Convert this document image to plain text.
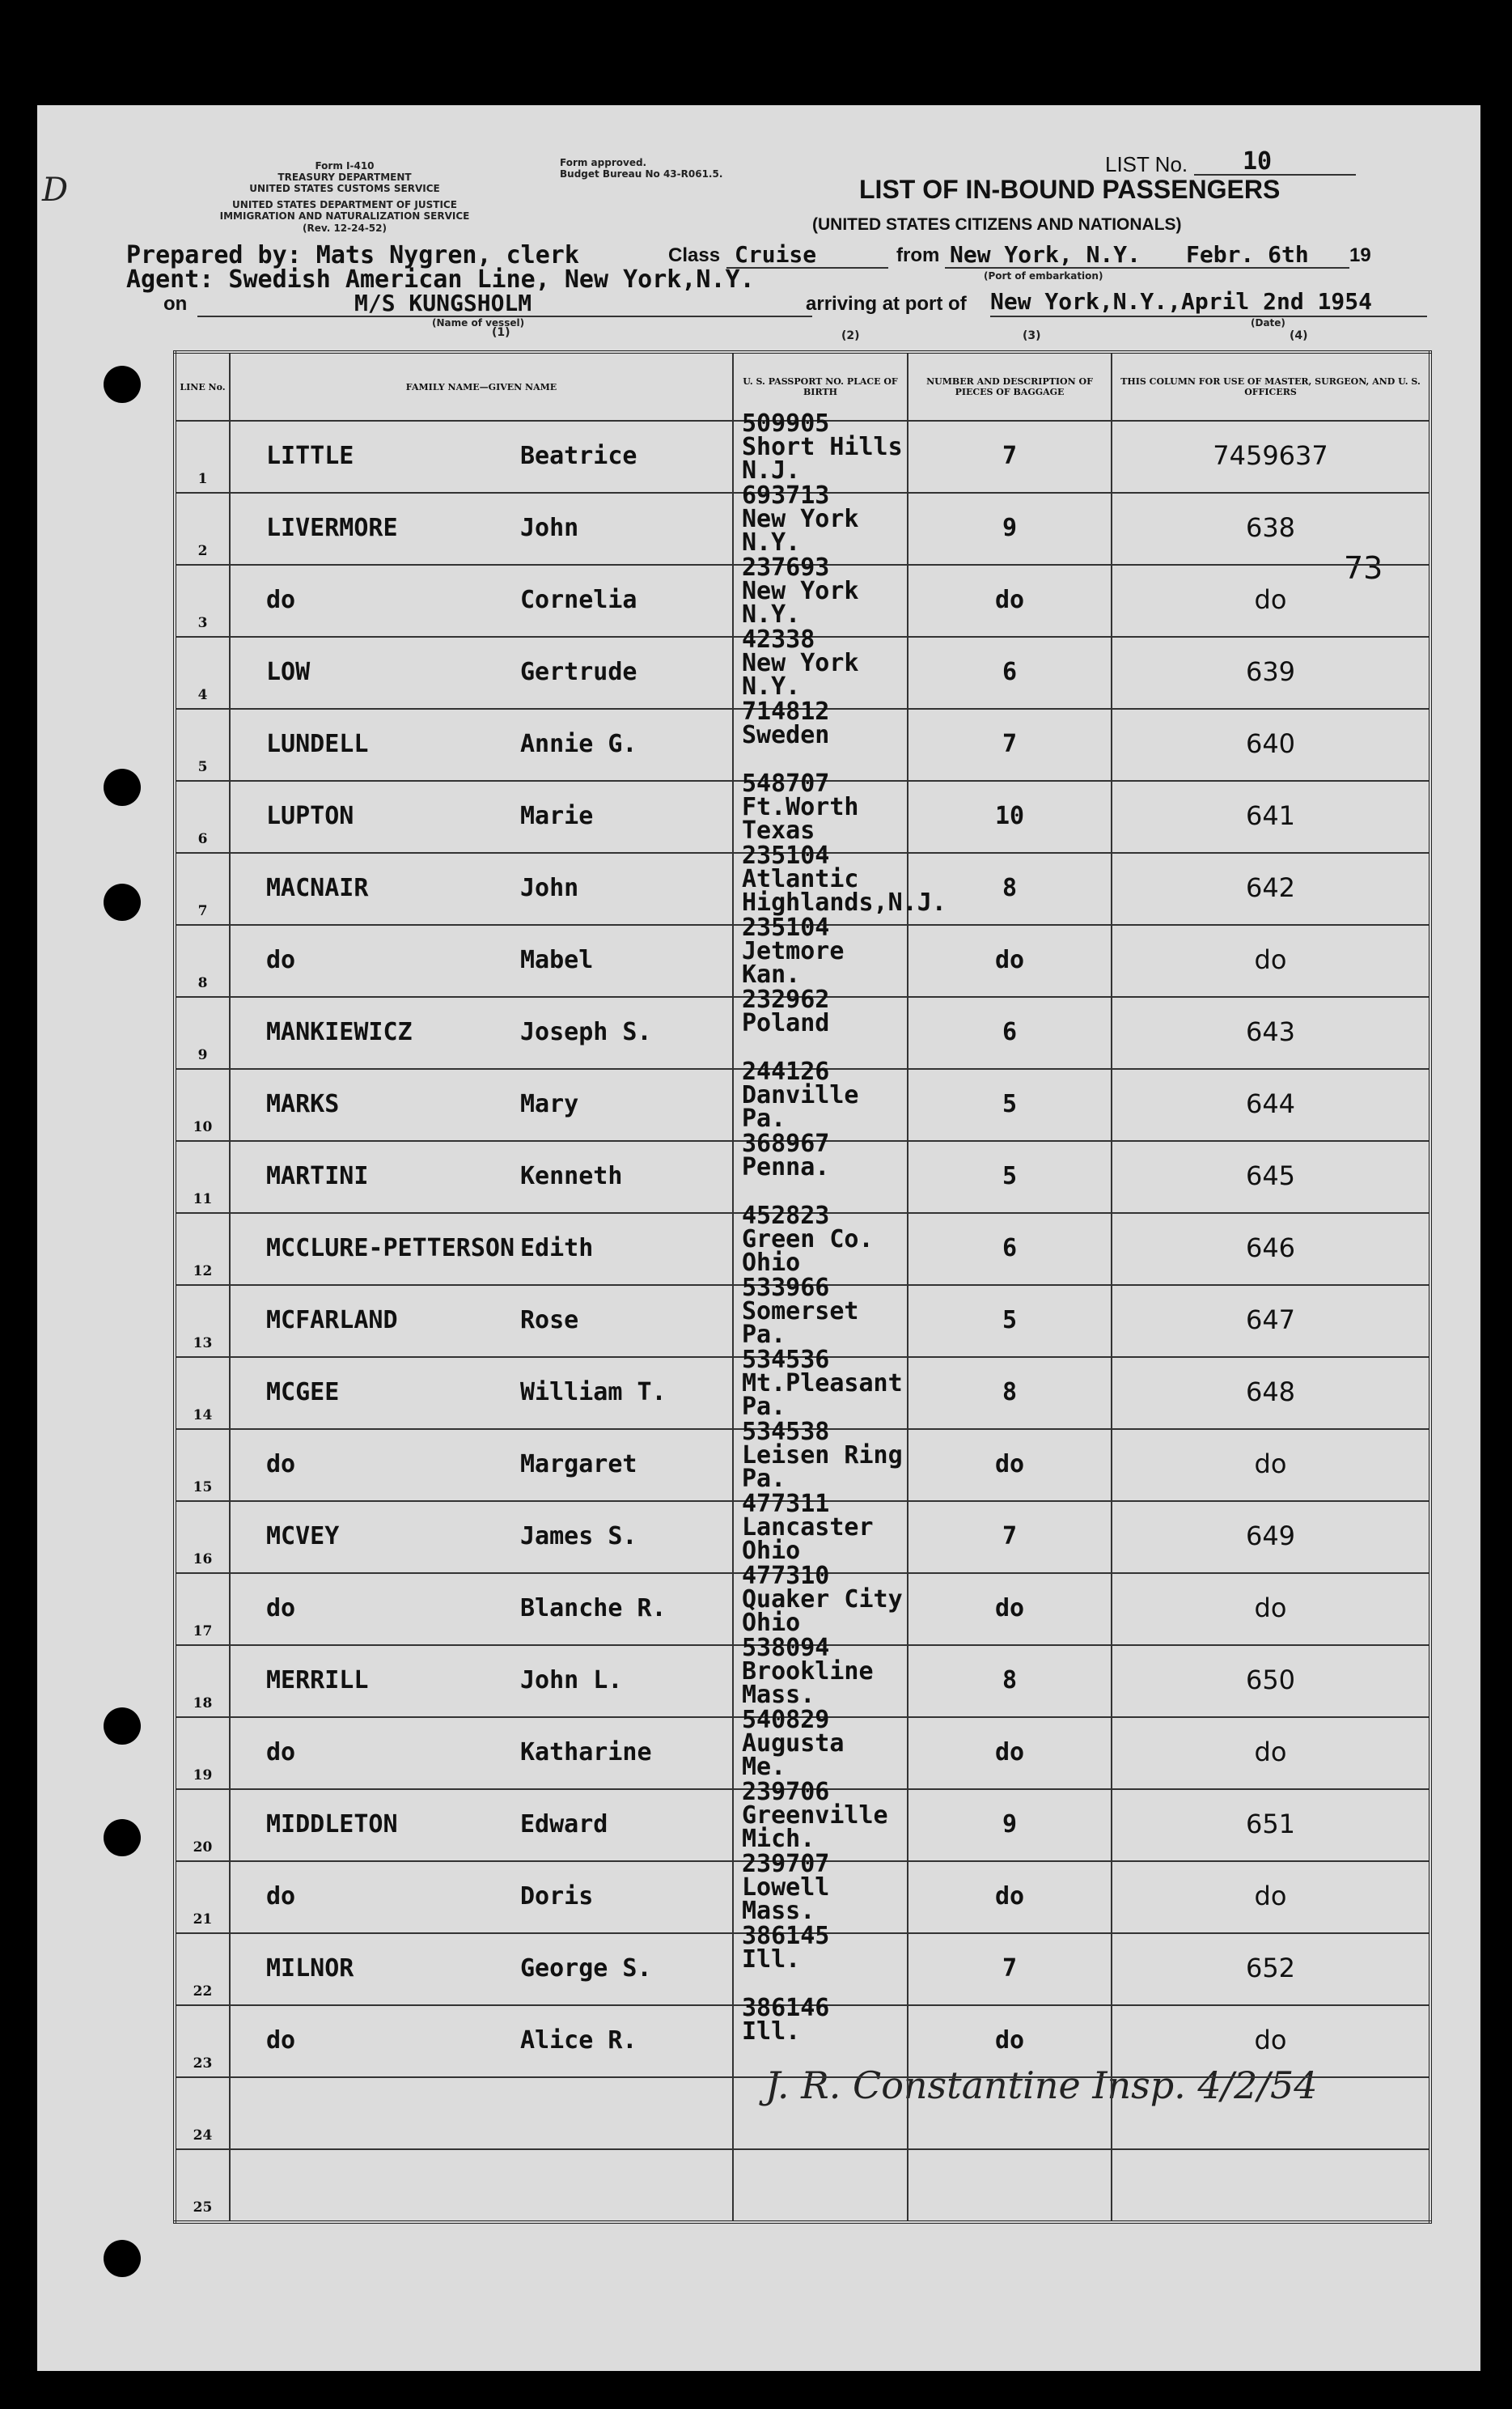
D
Form I-410
TREASURY DEPARTMENT
UNITED STATES CUSTOMS SERVICE
UNITED STATES DEPARTMENT OF JUSTICE
IMMIGRATION AND NATURALIZATION SERVICE
(Rev. 12-24-52)
Form approved.
Budget Bureau No 43-R061.5.	LIST No. 10
LIST OF IN-BOUND PASSENGERS
(UNITED STATES CITIZENS AND NATIONALS)
Prepared by: Mats Nygren, clerk
Agent: Swedish American Line, New York,N.Y.
Class Cruise	from New York, N.Y. Febr. 6th 19
(Port of embarkation)
on	M/S KUNGSHOLM
(Name of vessel)
arriving at port of New York,N.Y.,April 2nd 1954
(Date)
(1)	(2)	(3)	(4)
J. R. Constantine Insp. 4/2/54
73
LINE No.	FAMILY NAME—GIVEN NAME	U. S. PASSPORT NO. PLACE OF BIRTH	NUMBER AND DESCRIPTION OF PIECES OF BAGGAGE	THIS COLUMN FOR USE OF MASTER, SURGEON, AND U. S. OFFICERS

1	LITTLE Beatrice	509905
Short Hills
N.J.	7	7459637

2	LIVERMORE John	693713
New York
N.Y.	9	638

3	do Cornelia	237693
New York
N.Y.	do	do

4	LOW Gertrude	42338
New York
N.Y.	6	639

5	LUNDELL Annie G.	714812
Sweden	7	640

6	LUPTON Marie	548707
Ft.Worth
Texas	10	641

7	MACNAIR John	235104
Atlantic
Highlands,N.J.	8	642

8	do Mabel	235104
Jetmore
Kan.	do	do

9	MANKIEWICZ Joseph S.	232962
Poland	6	643

10	MARKS Mary	244126
Danville
Pa.	5	644

11	MARTINI Kenneth	368967
Penna.	5	645

12	MCCLURE-PETTERSON Edith	452823
Green Co.
Ohio	6	646

13	MCFARLAND Rose	533966
Somerset
Pa.	5	647

14	MCGEE William T.	534536
Mt.Pleasant
Pa.	8	648

15	do Margaret	534538
Leisen Ring
Pa.	do	do

16	MCVEY James S.	477311
Lancaster
Ohio	7	649

17	do Blanche R.	477310
Quaker City
Ohio	do	do

18	MERRILL John L.	538094
Brookline
Mass.	8	650

19	do Katharine	540829
Augusta
Me.	do	do

20	MIDDLETON Edward	239706
Greenville
Mich.	9	651

21	do Doris	239707
Lowell
Mass.	do	do

22	MILNOR George S.	386145
Ill.	7	652

23	do Alice R.	386146
Ill.	do	do

24				

25				
